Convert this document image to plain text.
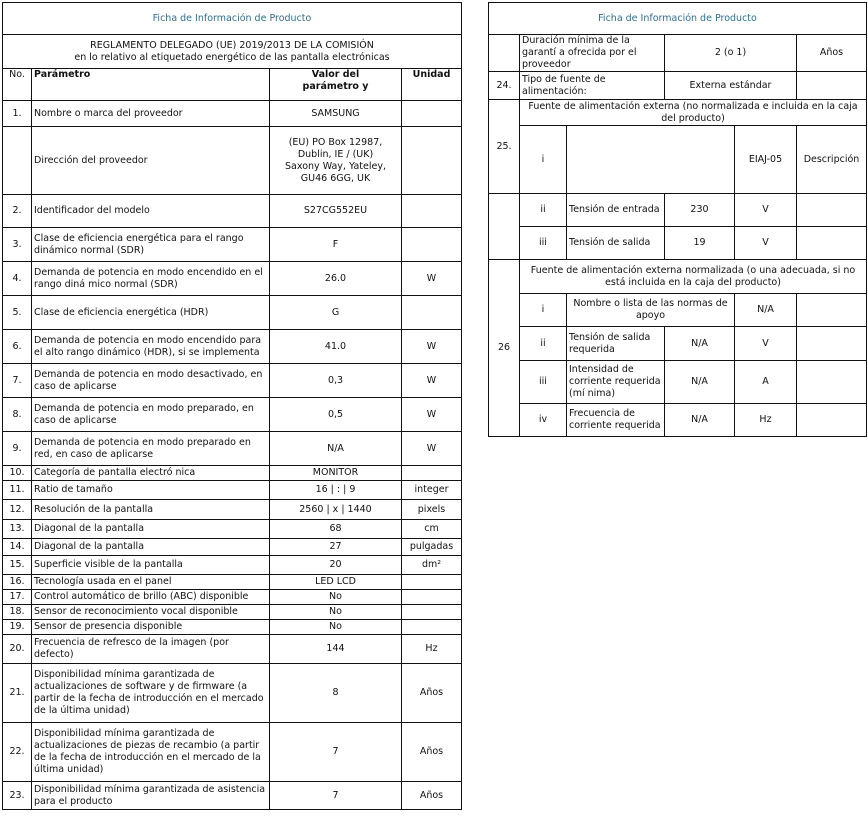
Ficha de Información de Producto			

REGLAMENTO DELEGADO (UE) 2019/2013 DE LA COMISIÓN
en lo relativo al etiquetado energético de las pantalla electrónicas			

No.	Parámetro	Valor del parámetro y	Unidad
1.	Nombre o marca del proveedor	SAMSUNG	
	Dirección del proveedor	(EU) PO Box 12987, Dublin, IE / (UK) Saxony Way, Yateley, GU46 6GG, UK	
2.	Identificador del modelo	S27CG552EU	
3.	Clase de eficiencia energética para el rango dinámico normal (SDR)	F	
4.	Demanda de potencia en modo encendido en el rango diná mico normal (SDR)	26.0	W
5.	Clase de eficiencia energética (HDR)	G	
6.	Demanda de potencia en modo encendido para el alto rango dinámico (HDR), si se implementa	41.0	W
7.	Demanda de potencia en modo desactivado, en caso de aplicarse	0,3	W
8.	Demanda de potencia en modo preparado, en caso de aplicarse	0,5	W
9.	Demanda de potencia en modo preparado en red, en caso de aplicarse	N/A	W
10.	Categoría de pantalla electró nica	MONITOR	
11.	Ratio de tamaño	16 | : | 9	integer
12.	Resolución de la pantalla	2560 | x | 1440	pixels
13.	Diagonal de la pantalla	68	cm
14.	Diagonal de la pantalla	27	pulgadas
15.	Superficie visible de la pantalla	20	dm²
16.	Tecnología usada en el panel	LED LCD	
17.	Control automático de brillo (ABC) disponible	No	
18.	Sensor de reconocimiento vocal disponible	No	
19.	Sensor de presencia disponible	No	
20.	Frecuencia de refresco de la imagen (por defecto)	144	Hz
21.	Disponibilidad mínima garantizada de actualizaciones de software y de firmware (a partir de la fecha de introducción en el mercado de la última unidad)	8	Años
22.	Disponibilidad mínima garantizada de actualizaciones de piezas de recambio (a partir de la fecha de introducción en el mercado de la última unidad)	7	Años
23.	Disponibilidad mínima garantizada de asistencia para el producto	7	Años
Ficha de Información de Producto					
	Duración mínima de la garantí a ofrecida por el proveedor		2 (o 1)		Años
24.	Tipo de fuente de alimentación:		Externa estándar		
25.	Fuente de alimentación externa (no normalizada e incluida en la caja del producto)				
	i			EIAJ-05	Descripción
	ii	Tensión de entrada	230	V	
	iii	Tensión de salida	19	V	
26	Fuente de alimentación externa normalizada (o una adecuada, si no está incluida en la caja del producto)				
	i	Nombre o lista de las normas de apoyo		N/A	
	ii	Tensión de salida requerida	N/A	V	
	iii	Intensidad de corriente requerida (mí nima)	N/A	A	
	iv	Frecuencia de corriente requerida	N/A	Hz	
